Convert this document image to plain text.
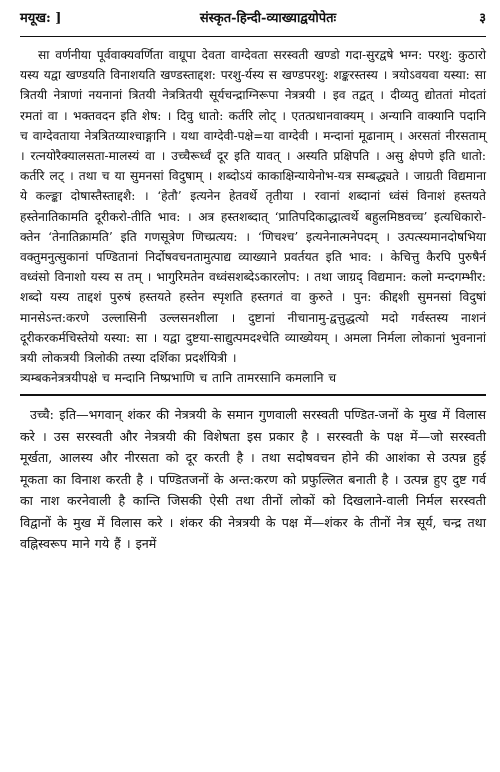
मयूख: ]	संस्कृत-हिन्दी-व्याख्याद्वयोपेतः	३

सा वर्णनीया पूर्ववाक्यवर्णिता वाग्रूपा देवता वाग्देवता सरस्वती खण्डो गदा-सुरद्वषे भग्न: परशु: कुठारो यस्य यद्वा खण्डयति विनाशयति खण्डस्ताद्दश: परशु-र्यस्य स खण्डपरशु: शङ्करस्तस्य । त्रयोऽवयवा यस्या: सा त्रितयी नेत्राणां नयनानां त्रितयी नेत्रत्रितयी सूर्यचन्द्राग्निरूपा नेत्रत्रयी । इव तद्वत् । दीव्यतु द्योततां मोदतां रमतां वा । भक्तवदन इति शेष: । दिवु धातो: कर्तरि लोट् । एतत्प्रधानवाक्यम् । अन्यानि वाक्यानि पदानि च वाग्देवताया नेत्रत्रितय्याश्चाङ्गानि । यथा वाग्देवी-पक्षे=या वाग्देवी । मन्दानां मूढानाम् । अरसतां नीरसताम् । रत्नयोरैक्यालसता-मालस्यं वा । उच्चैरूर्ध्वं दूर इति यावत् । अस्यति प्रक्षिपति । असु क्षेपणे इति धातो: कर्तरि लट् । तथा च या सुमनसां विदुषाम् । शब्दोऽयं काकाक्षिन्यायेनोभ-यत्र सम्बद्ध्यते । जाग्रती विद्यमाना ये कल्ङ्का दोषास्तैस्ताद्दशै: । ‘हेतौ’ इत्यनेन हेतवर्थे तृतीया । रवानां शब्दानां ध्वंसं विनाशं हस्तयते हस्तेनातिकामति दूरीकरो-तीति भाव: । अत्र हस्तशब्दात् ‘प्रातिपदिकाद्धात्वर्थे बहुलमिष्ठवच्च’ इत्यधिकारो-क्तेन ‘तेनातिक्रामति’ इति गणसूत्रेण णिच्प्रत्यय: । ‘णिचश्च’ इत्यनेनात्मनेपदम् । उत्पत्स्यमानदोषभिया वक्तुमनुत्सुकानां पण्डितानां निर्दोषवचनतामुत्पाद्य व्याख्याने प्रवर्तयत इति भाव: । केचित्तु कैरपि पुरुषैर्न वध्वंसो विनाशो यस्य स तम् । भागुरिमतेन वध्वंसशब्देऽकारलोप: । तथा जाग्रद् विद्यमान: कलो मन्दगम्भीर: शब्दो यस्य ताद्दशं पुरुषं हस्तयते हस्तेन स्पृशति हस्तगतं वा कुरुते । पुन: कीद्दशी सुमनसां विदुषां मानसेऽन्त:करणे उल्लासिनी उल्लसनशीला । दुष्टानां नीचानामु-द्वत्तुद्धत्यो मदो गर्वस्तस्य नाशनं दूरीकरकर्मचिस्तेयो यस्या: सा । यद्वा दुष्टया-साद्युत्पमदश्चेति व्याख्येयम् । अमला निर्मला लोकानां भुवनानां त्रयी लोकत्रयी त्रिलोकी तस्या दर्शिका प्रदर्शयित्री ।

त्र्यम्बकनेत्रत्रयीपक्षे च मन्दानि निष्प्रभाणि च तानि तामरसानि कमलानि च

उच्चै: इति—भगवान् शंकर की नेत्रत्रयी के समान गुणवाली सरस्वती पण्डित-जनों के मुख में विलास करे । उस सरस्वती और नेत्रत्रयी की विशेषता इस प्रकार है । सरस्वती के पक्ष में—जो सरस्वती मूर्खता, आलस्य और नीरसता को दूर करती है । तथा सदोषवचन होने की आशंका से उत्पन्न हुई मूकता का विनाश करती है । पण्डितजनों के अन्त:करण को प्रफुल्लित बनाती है । उत्पन्न हुए दुष्ट गर्व का नाश करनेवाली है कान्ति जिसकी ऐसी तथा तीनों लोकों को दिखलाने-वाली निर्मल सरस्वती विद्वानों के मुख में विलास करे । शंकर की नेत्रत्रयी के पक्ष में—शंकर के तीनों नेत्र सूर्य, चन्द्र तथा वह्निस्वरूप माने गये हैं । इनमें
